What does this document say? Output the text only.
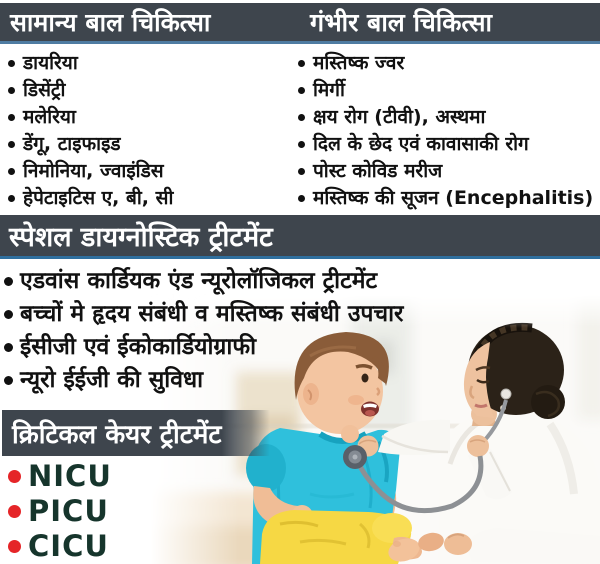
सामान्य बाल चिकित्सा	गंभीर बाल चिकित्सा
डायरिया
डिसेंट्री
मलेरिया
डेंगू, टाइफाइड
निमोनिया, ज्वाइंडिस
हेपेटाइटिस ए, बी, सी
मस्तिष्क ज्वर
मिर्गी
क्षय रोग (टीवी), अस्थमा
दिल के छेद एवं कावासाकी रोग
पोस्ट कोविड मरीज
मस्तिष्क की सूजन (Encephalitis)
स्पेशल डायग्नोस्टिक ट्रीटमेंट
एडवांस कार्डियक एंड न्यूरोलॉजिकल ट्रीटमेंट
बच्चों मे हृदय संबंधी व मस्तिष्क संबंधी उपचार
ईसीजी एवं ईकोकार्डियोग्राफी
न्यूरो ईईजी की सुविधा
क्रिटिकल केयर ट्रीटमेंट
NICU
PICU
CICU
